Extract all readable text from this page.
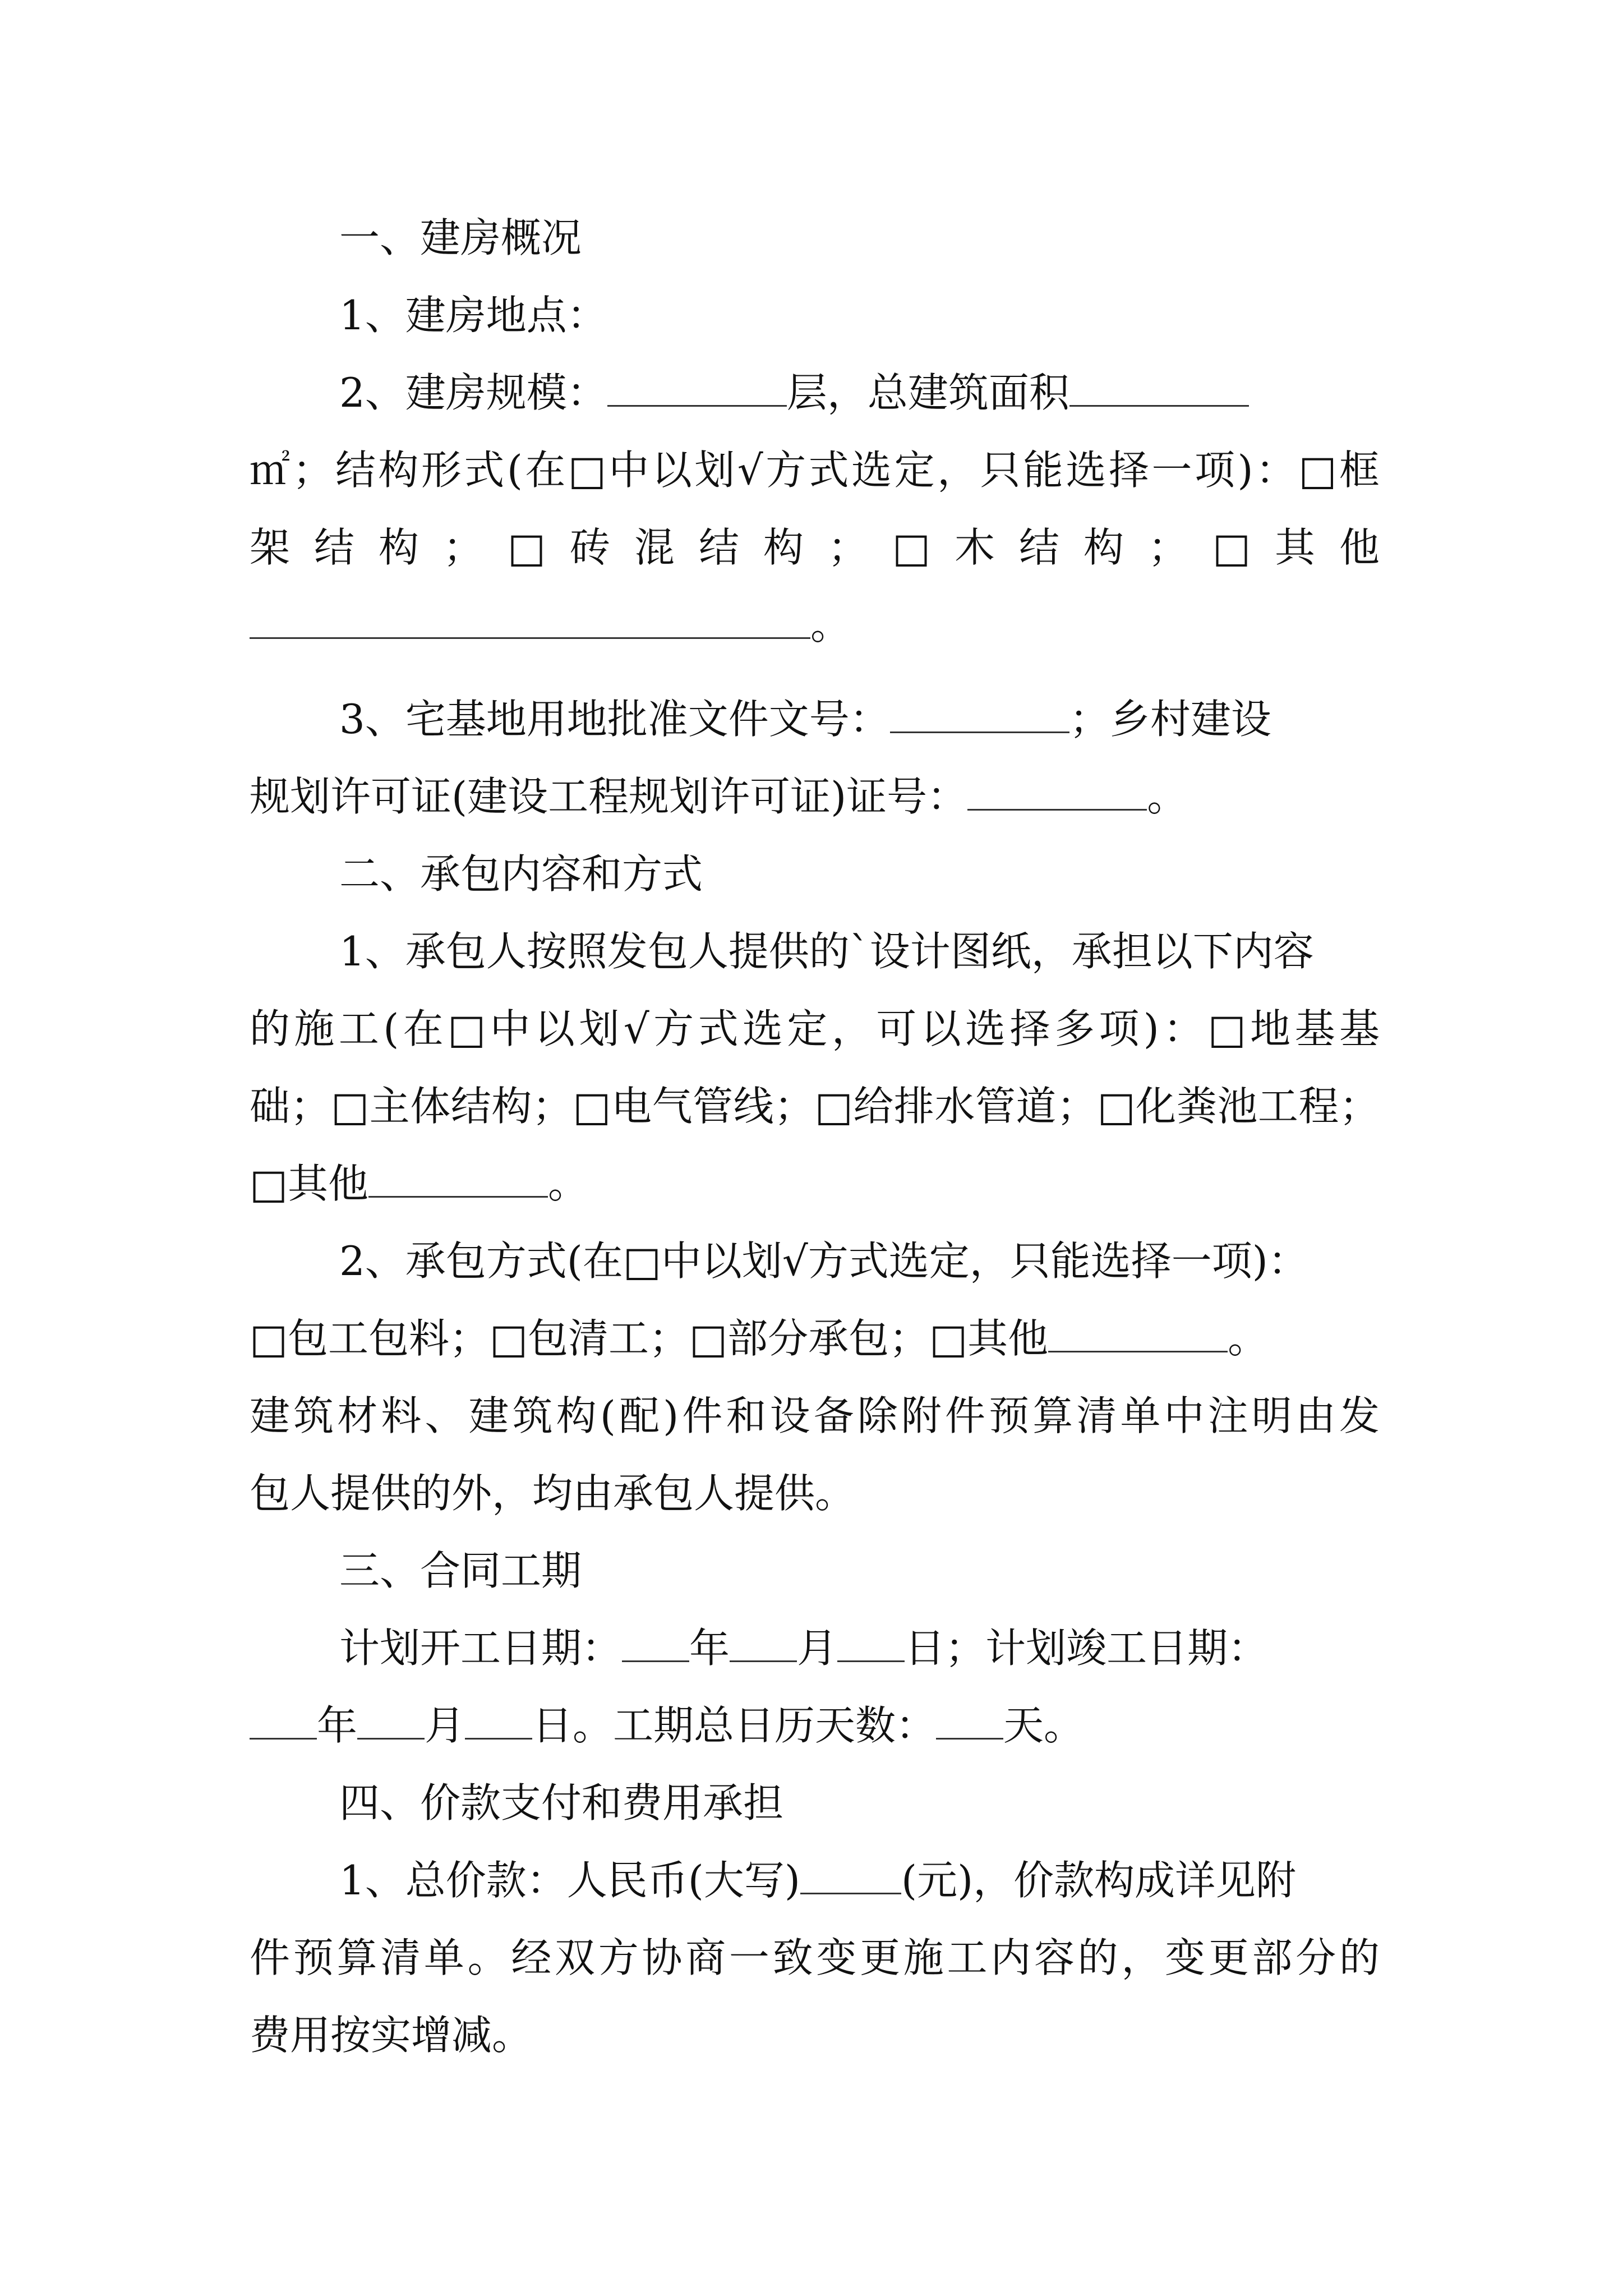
一、建房概况
1、建房地点：
2、建房规模：	层，总建筑面积
㎡；结构形式(在□中以划√方式选定，只能选择一项)：□框
架结构；□砖混结构；□木结构；□其他
。
3、宅基地用地批准文件文号：	；乡村建设
规划许可证(建设工程规划许可证)证号：	。
二、承包内容和方式
1、承包人按照发包人提供的`设计图纸，承担以下内容
的施工(在□中以划√方式选定，可以选择多项)：□地基基
础；□主体结构；□电气管线；□给排水管道；□化粪池工程；
□其他	。
2、承包方式(在□中以划√方式选定，只能选择一项)：
□包工包料；□包清工；□部分承包；□其他	。
建筑材料、建筑构(配)件和设备除附件预算清单中注明由发
包人提供的外，均由承包人提供。
三、合同工期
计划开工日期： 年 月 日；计划竣工日期：
年 月 日。工期总日历天数： 天。
四、价款支付和费用承担
1、总价款：人民币(大写)	(元)，价款构成详见附
件预算清单。经双方协商一致变更施工内容的，变更部分的
费用按实增减。
